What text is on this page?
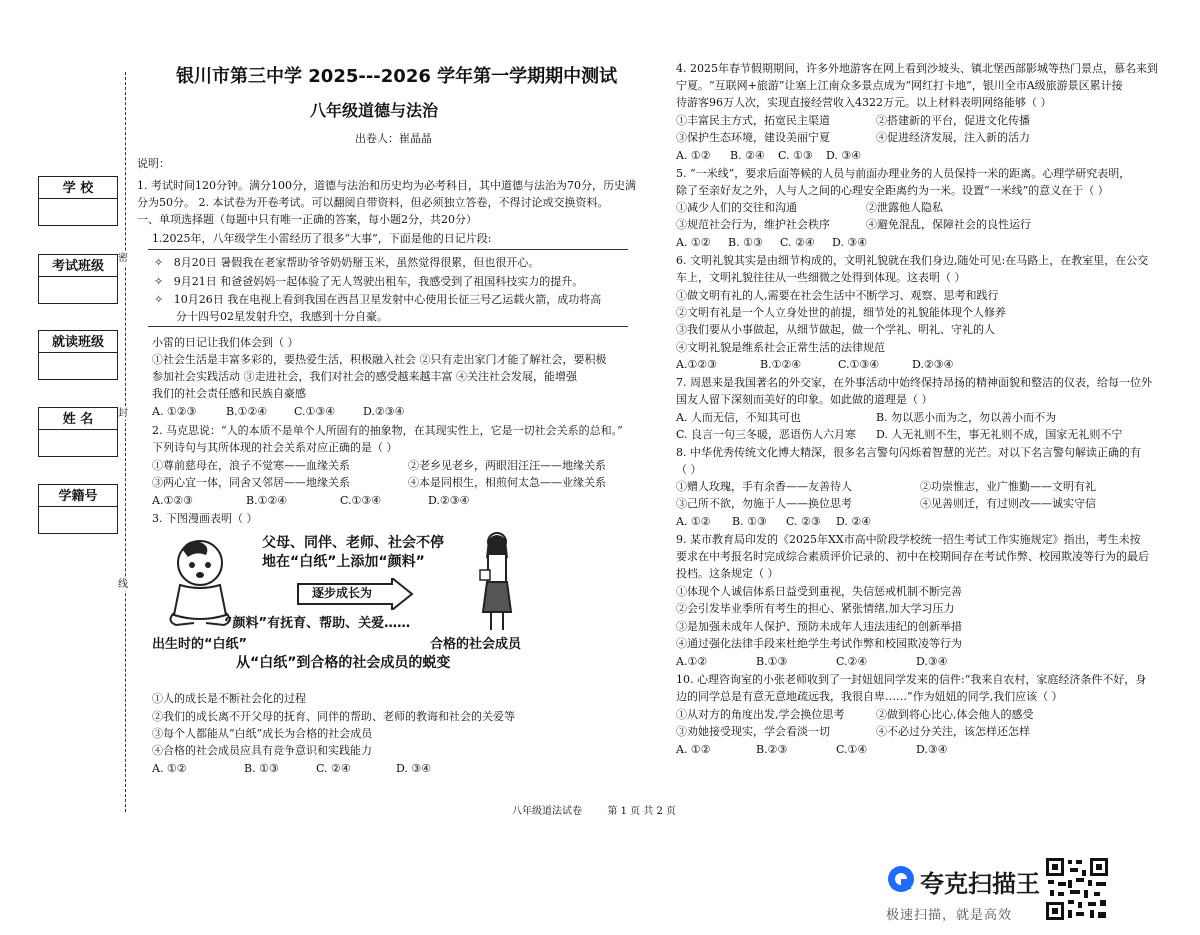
密
封
线
学 校
考试班级
就读班级
姓 名
学籍号
银川市第三中学 2025---2026 学年第一学期期中测试
八年级道德与法治
出卷人：崔晶晶
说明：
1. 考试时间120分钟。满分100分，道德与法治和历史均为必考科目，其中道德与法治为70分，历史满
分为50分。 2. 本试卷为开卷考试。可以翻阅自带资料，但必须独立答卷，不得讨论或交换资料。
一、单项选择题（每题中只有唯一正确的答案，每小题2分，共20分）
1.2025年，八年级学生小雷经历了很多“大事”，下面是他的日记片段:
✧ 8月20日 暑假我在老家帮助爷爷奶奶掰玉米，虽然觉得很累，但也很开心。
✧ 9月21日 和爸爸妈妈一起体验了无人驾驶出租车，我感受到了祖国科技实力的提升。
✧ 10月26日 我在电视上看到我国在西昌卫星发射中心使用长征三号乙运载火箭，成功将高
分十四号02星发射升空，我感到十分自豪。
小雷的日记让我们体会到（ ）
①社会生活是丰富多彩的，要热爱生活，积极融入社会 ②只有走出家门才能了解社会，要积极
参加社会实践活动 ③走进社会，我们对社会的感受越来越丰富 ④关注社会发展，能增强
我们的社会责任感和民族自豪感
A. ①②③	B.①②④ C.①③④	D.②③④
2. 马克思说：“人的本质不是单个人所固有的抽象物，在其现实性上，它是一切社会关系的总和。”
下列诗句与其所体现的社会关系对应正确的是（ ）
①尊前慈母在，浪子不觉寒——血缘关系	②老乡见老乡，两眼泪汪汪——地缘关系
③两心宜一体，同舍又邻居——地缘关系	④本是同根生，相煎何太急——业缘关系
A.①②③	B.①②④	C.①③④	D.②③④
3. 下图漫画表明（ ）
逐步成长为
父母、同伴、老师、社会不停
地在“白纸”上添加“颜料”
“颜料”有抚育、帮助、关爱……
出生时的“白纸”	合格的社会成员
从“白纸”到合格的社会成员的蜕变
①人的成长是不断社会化的过程
②我们的成长离不开父母的抚育、同伴的帮助、老师的教诲和社会的关爱等
③每个人都能从“白纸”成长为合格的社会成员
④合格的社会成员应具有竞争意识和实践能力
A. ①②	B. ①③	C. ②④	D. ③④
4. 2025年春节假期期间，许多外地游客在网上看到沙坡头、镇北堡西部影城等热门景点，慕名来到
宁夏。“互联网+旅游”让塞上江南众多景点成为“网红打卡地”，银川全市A级旅游景区累计接
待游客96万人次，实现直接经营收入4322万元。以上材料表明网络能够（ ）
①丰富民主方式，拓宽民主渠道	②搭建新的平台，促进文化传播
③保护生态环境，建设美丽宁夏	④促进经济发展，注入新的活力
A. ①② B. ②④ C. ①③ D. ③④
5. “一米线”，要求后面等候的人员与前面办理业务的人员保持一米的距离。心理学研究表明，
除了至亲好友之外，人与人之间的心理安全距离约为一米。设置“一米线”的意义在于（ ）
①减少人们的交往和沟通	②泄露他人隐私
③规范社会行为，维护社会秩序	④避免混乱，保障社会的良性运行
A. ①② B. ①③ C. ②④ D. ③④
6. 文明礼貌其实是由细节构成的，文明礼貌就在我们身边,随处可见:在马路上，在教室里，在公交
车上，文明礼貌往往从一些细微之处得到体现。这表明（ ）
①做文明有礼的人,需要在社会生活中不断学习、观察、思考和践行
②文明有礼是一个人立身处世的前提，细节处的礼貌能体现个人修养
③我们要从小事做起，从细节做起，做一个学礼、明礼、守礼的人
④文明礼貌是维系社会正常生活的法律规范
A.①②③	B.①②④	C.①③④	D.②③④
7. 周恩来是我国著名的外交家，在外事活动中始终保持昂扬的精神面貌和整洁的仪表，给每一位外
国友人留下深刻而美好的印象。如此做的道理是（ ）
A. 人而无信，不知其可也	B. 勿以恶小而为之，勿以善小而不为
C. 良言一句三冬暖，恶语伤人六月寒 D. 人无礼则不生，事无礼则不成，国家无礼则不宁
8. 中华优秀传统文化博大精深，很多名言警句闪烁着智慧的光芒。对以下名言警句解读正确的有
（ ）
①赠人玫瑰，手有余香——友善待人	②功崇惟志，业广惟勤——文明有礼
③己所不欲，勿施于人——换位思考	④见善则迁，有过则改——诚实守信
A. ①② B. ①③ C. ②③ D. ②④
9. 某市教育局印发的《2025年XX市高中阶段学校统一招生考试工作实施规定》指出，考生未按
要求在中考报名时完成综合素质评价记录的、初中在校期间存在考试作弊、校园欺凌等行为的最后
投档。这条规定（ ）
①体现个人诚信体系日益受到重视，失信惩戒机制不断完善
②会引发毕业季所有考生的担心、紧张情绪,加大学习压力
③是加强未成年人保护、预防未成年人违法违纪的创新举措
④通过强化法律手段来杜绝学生考试作弊和校园欺凌等行为
A.①②	B.①③	C.②④	D.③④
10. 心理咨询室的小张老师收到了一封妞妞同学发来的信件:“我来自农村，家庭经济条件不好，身
边的同学总是有意无意地疏远我，我很自卑……”作为妞妞的同学,我们应该（ ）
①从对方的角度出发,学会换位思考	②做到将心比心,体会他人的感受
③劝她接受现实，学会看淡一切	④不必过分关注，该怎样还怎样
A. ①②	B.②③	C.①④	D.③④
八年级道法试卷        第 1 页 共 2 页
夸克扫描王
极速扫描，就是高效
